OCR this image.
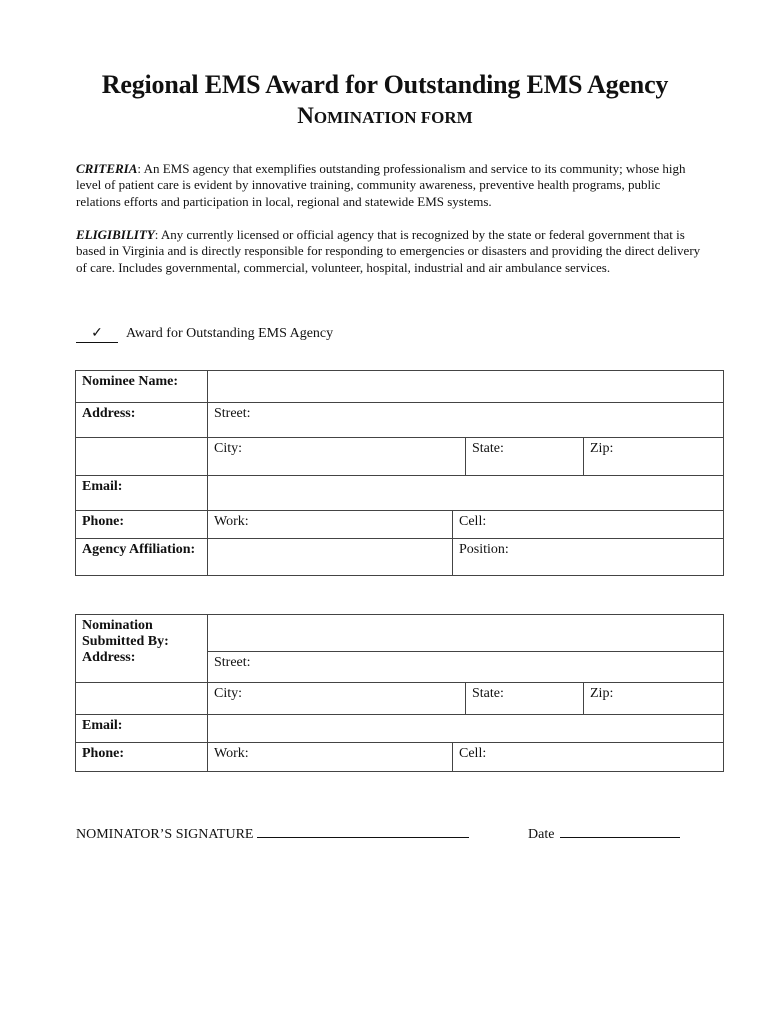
Regional EMS Award for Outstanding EMS Agency
NOMINATION FORM
CRITERIA: An EMS agency that exemplifies outstanding professionalism and service to its community; whose high level of patient care is evident by innovative training, community awareness, preventive health programs, public relations efforts and participation in local, regional and statewide EMS systems.
ELIGIBILITY: Any currently licensed or official agency that is recognized by the state or federal government that is based in Virginia and is directly responsible for responding to emergencies or disasters and providing the direct delivery of care. Includes governmental, commercial, volunteer, hospital, industrial and air ambulance services.
✓	Award for Outstanding EMS Agency
Nominee Name:				
Address:	Street:			
	City:		State:	Zip:
Email:				
Phone:	Work:	Cell:		
Agency Affiliation:		Position:		
Nomination Submitted By:
Address:				

	Street:			
	City:		State:	Zip:
Email:				
Phone:	Work:	Cell:		
NOMINATOR’S SIGNATURE	Date
